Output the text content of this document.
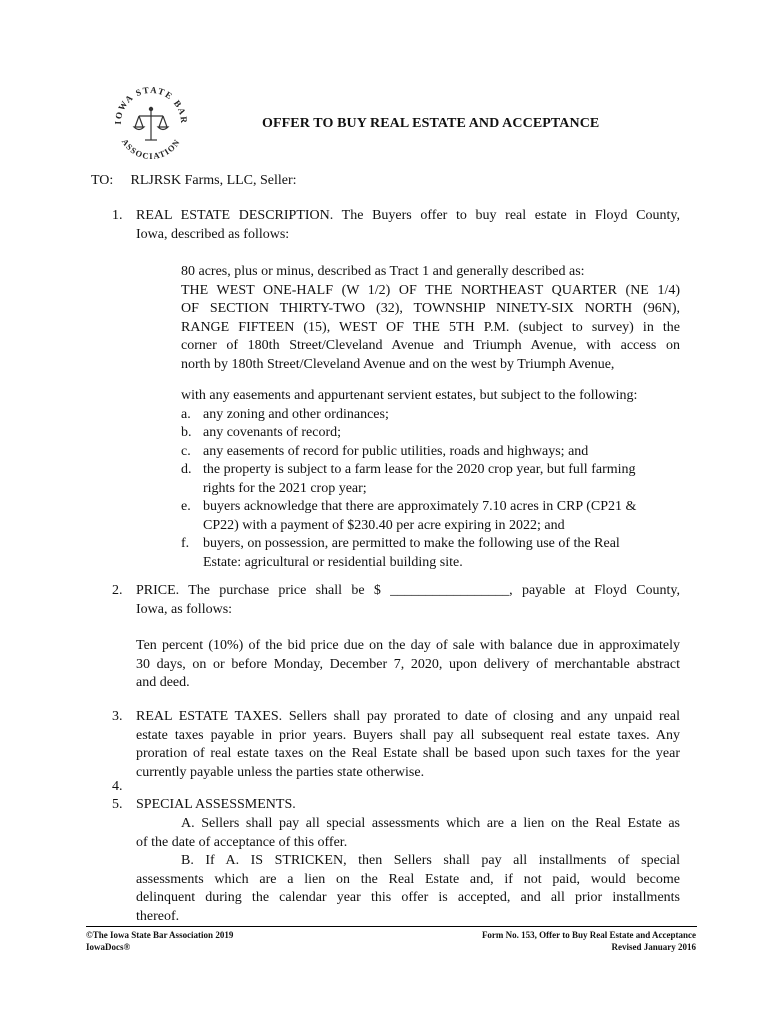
IOWA STATE BAR
ASSOCIATION
OFFER TO BUY REAL ESTATE AND ACCEPTANCE
TO: RLJRSK Farms, LLC, Seller:
1. REAL ESTATE DESCRIPTION. The Buyers offer to buy real estate in Floyd County,
Iowa, described as follows:
80 acres, plus or minus, described as Tract 1 and generally described as:
THE WEST ONE-HALF (W 1/2) OF THE NORTHEAST QUARTER (NE 1/4)
OF SECTION THIRTY-TWO (32), TOWNSHIP NINETY-SIX NORTH (96N),
RANGE FIFTEEN (15), WEST OF THE 5TH P.M. (subject to survey) in the
corner of 180th Street/Cleveland Avenue and Triumph Avenue, with access on
north by 180th Street/Cleveland Avenue and on the west by Triumph Avenue,
with any easements and appurtenant servient estates, but subject to the following:
a. any zoning and other ordinances;
b. any covenants of record;
c. any easements of record for public utilities, roads and highways; and
d. the property is subject to a farm lease for the 2020 crop year, but full farming
rights for the 2021 crop year;
e. buyers acknowledge that there are approximately 7.10 acres in CRP (CP21 &
CP22) with a payment of $230.40 per acre expiring in 2022; and
f. buyers, on possession, are permitted to make the following use of the Real
Estate: agricultural or residential building site.
2. PRICE. The purchase price shall be $ _________________, payable at Floyd County,
Iowa, as follows:
Ten percent (10%) of the bid price due on the day of sale with balance due in approximately
30 days, on or before Monday, December 7, 2020, upon delivery of merchantable abstract
and deed.
3. REAL ESTATE TAXES. Sellers shall pay prorated to date of closing and any unpaid real
estate taxes payable in prior years. Buyers shall pay all subsequent real estate taxes. Any
proration of real estate taxes on the Real Estate shall be based upon such taxes for the year
currently payable unless the parties state otherwise.
4.
5. SPECIAL ASSESSMENTS.
A. Sellers shall pay all special assessments which are a lien on the Real Estate as
of the date of acceptance of this offer.
B. If A. IS STRICKEN, then Sellers shall pay all installments of special
assessments which are a lien on the Real Estate and, if not paid, would become
delinquent during the calendar year this offer is accepted, and all prior installments
thereof.
©The Iowa State Bar Association 2019
IowaDocs®
Form No. 153, Offer to Buy Real Estate and Acceptance
Revised January 2016
